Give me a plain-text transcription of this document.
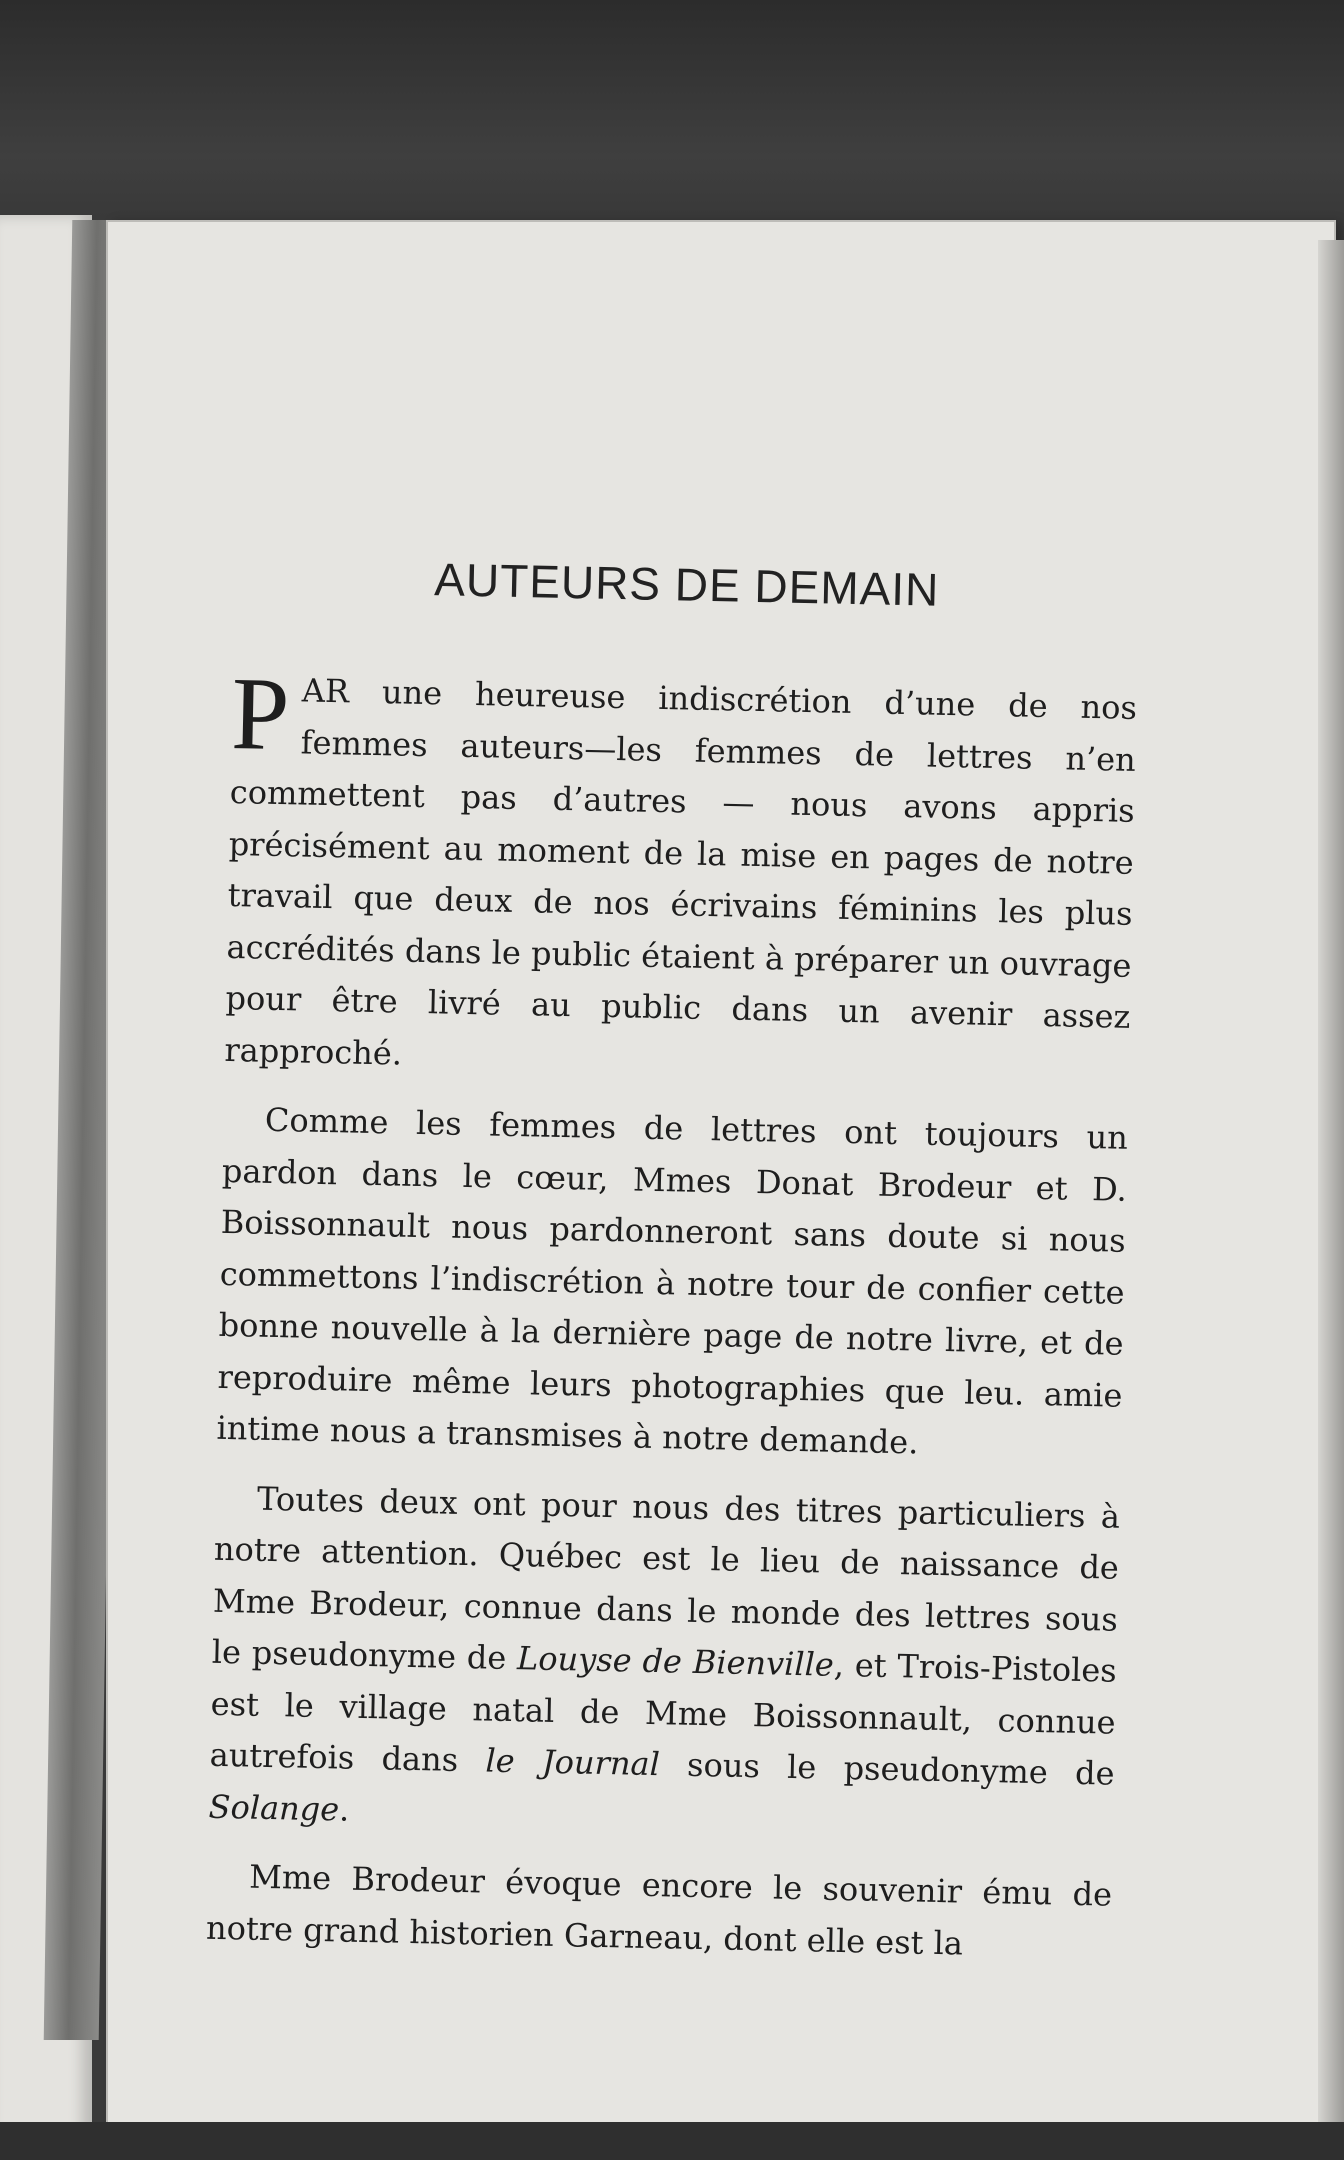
AUTEURS DE DEMAIN

PAR une heureuse indiscrétion d’une de nos femmes auteurs—les femmes de lettres n’en commettent pas d’autres — nous avons appris précisément au moment de la mise en pages de notre travail que deux de nos écrivains féminins les plus accrédités dans le public étaient à préparer un ouvrage pour être livré au public dans un avenir assez rapproché.

Comme les femmes de lettres ont toujours un pardon dans le cœur, Mmes Donat Brodeur et D. Boissonnault nous pardonneront sans doute si nous commettons l’indiscrétion à notre tour de confier cette bonne nouvelle à la dernière page de notre livre, et de reproduire même leurs photographies que leu. amie intime nous a transmises à notre demande.

Toutes deux ont pour nous des titres particuliers à notre attention. Québec est le lieu de naissance de Mme Brodeur, connue dans le monde des lettres sous le pseudonyme de Louyse de Bienville, et Trois-Pistoles est le village natal de Mme Boissonnault, connue autrefois dans le Journal sous le pseudonyme de Solange.

Mme Brodeur évoque encore le souvenir ému de notre grand historien Garneau, dont elle est la
